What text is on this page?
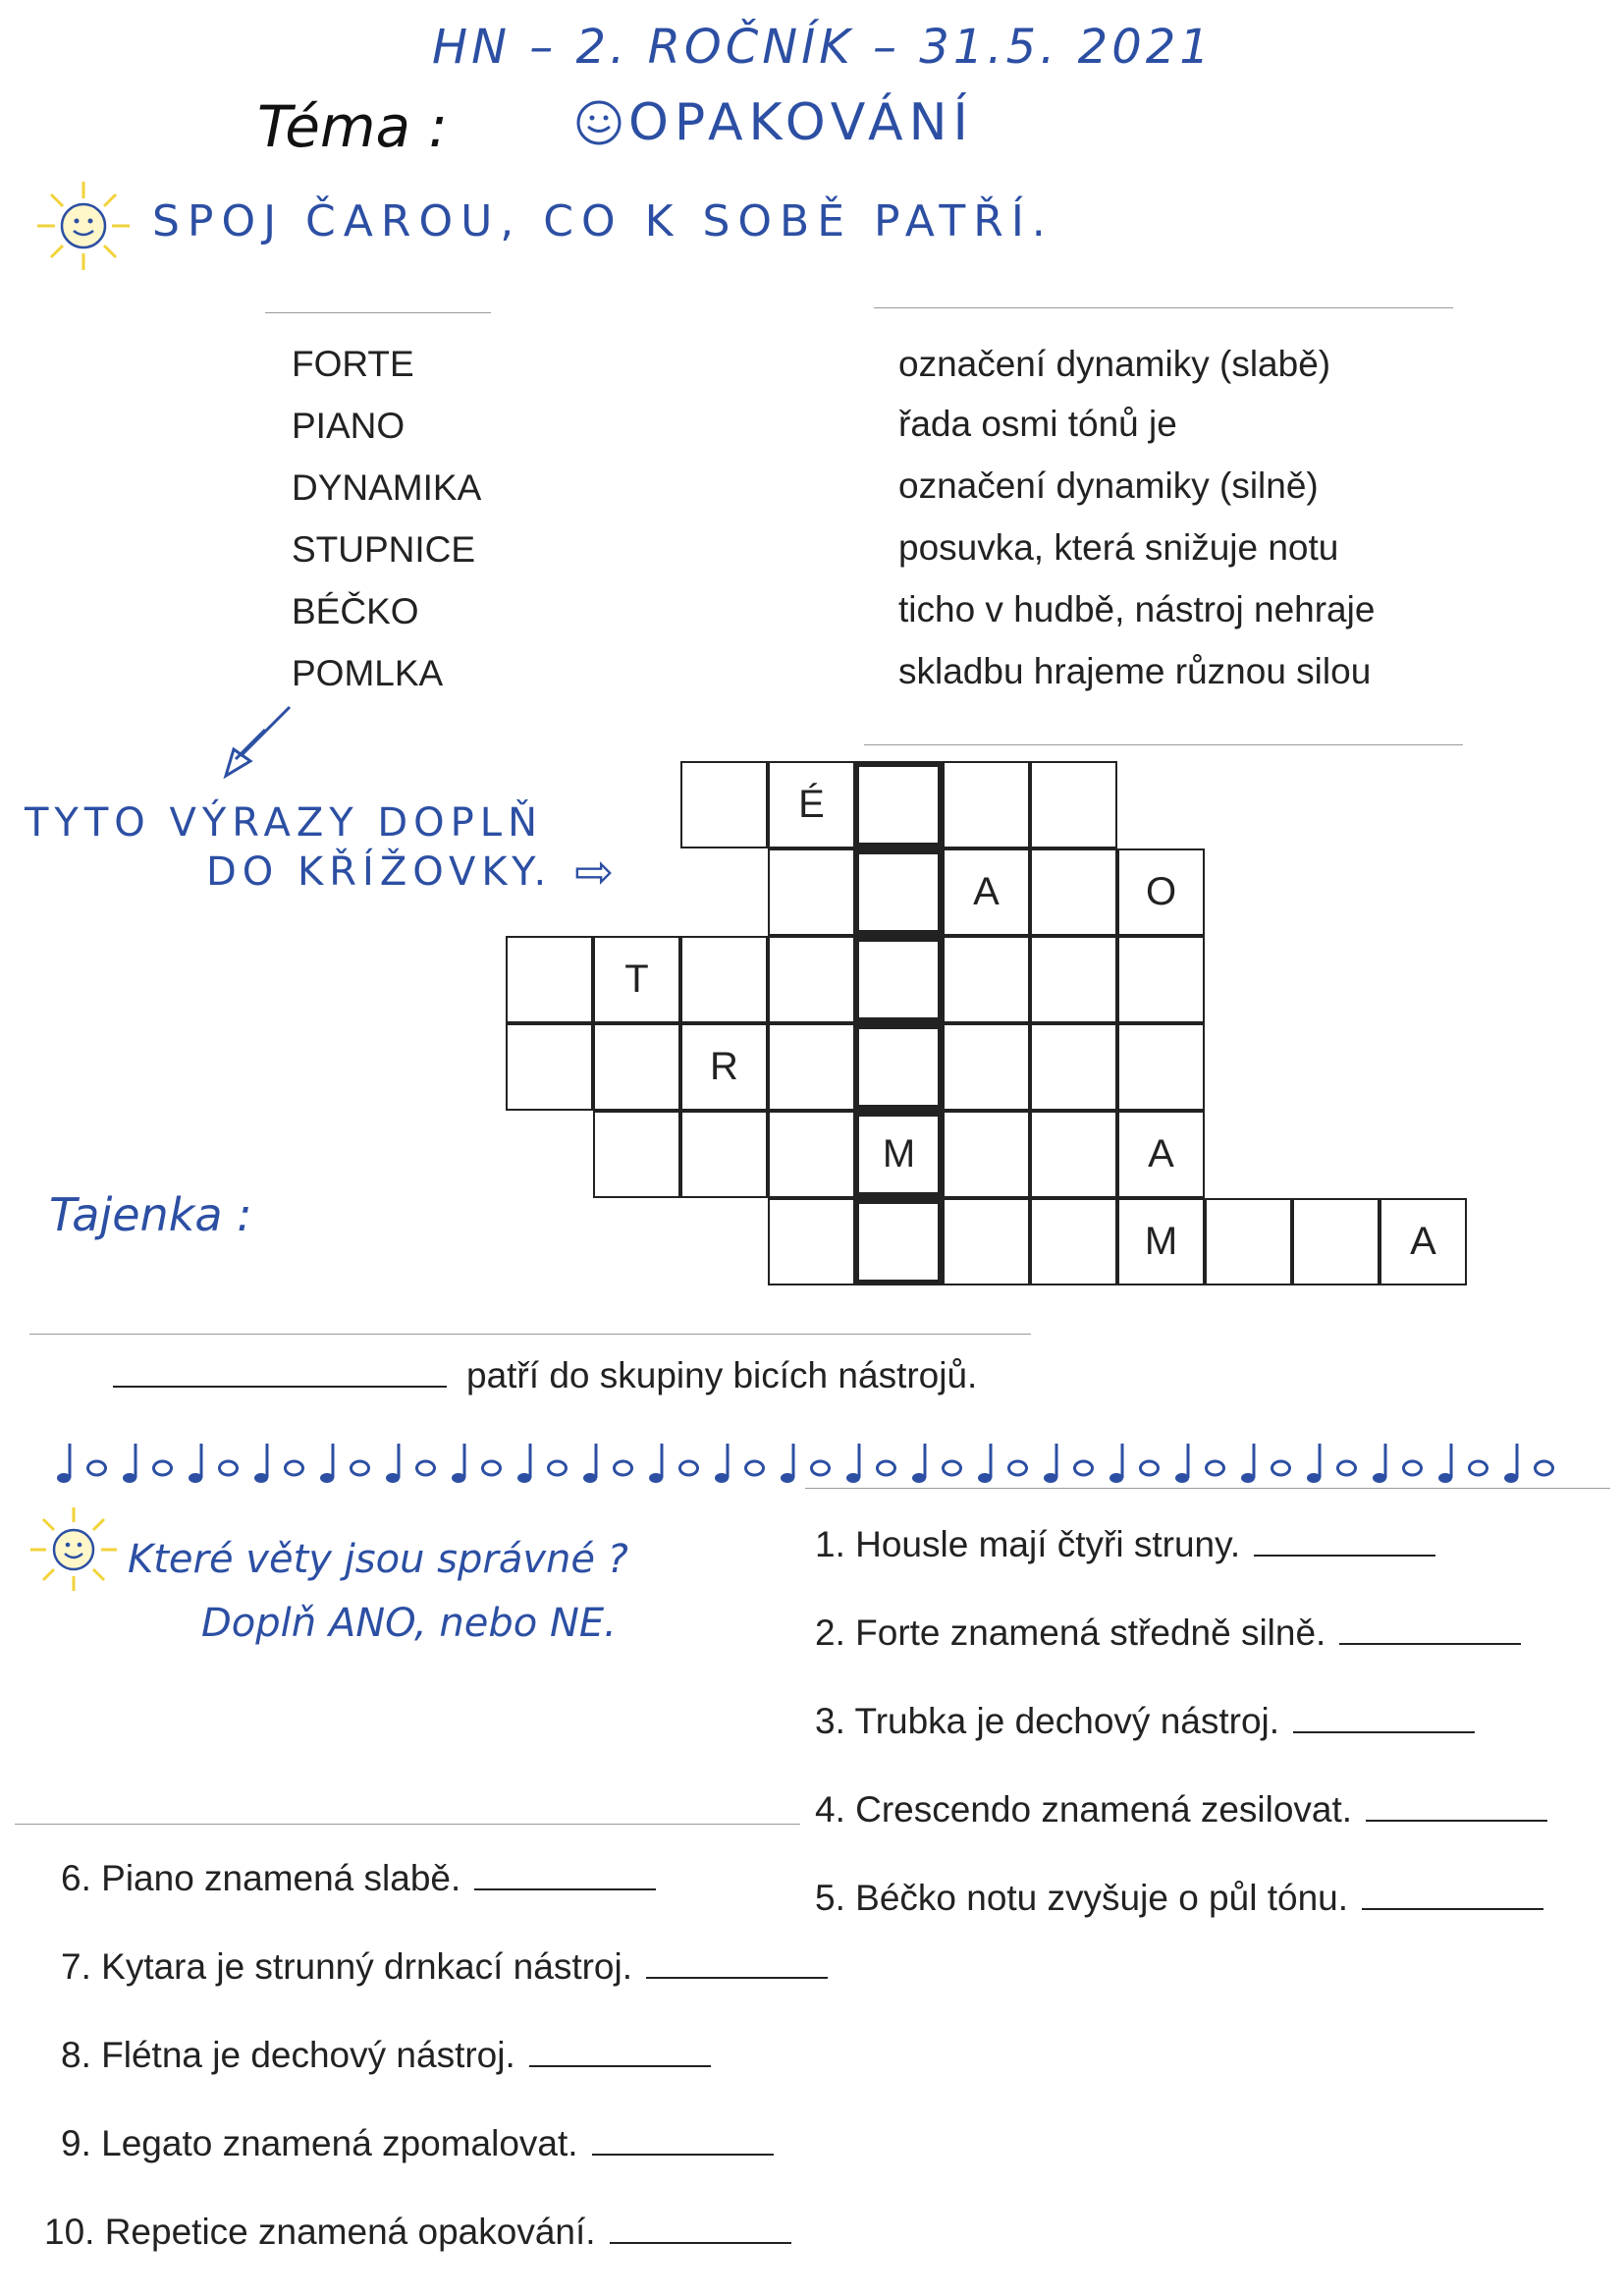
HN – 2. ROČNÍK – 31.5. 2021
Téma :	OPAKOVÁNÍ
SPOJ ČAROU, CO K SOBĚ PATŘÍ.
FORTE
PIANO
DYNAMIKA
STUPNICE
BÉČKO
POMLKA
označení dynamiky (slabě)
řada osmi tónů je
označení dynamiky (silně)
posuvka, která snižuje notu
ticho v hudbě, nástroj nehraje
skladbu hrajeme různou silou
TYTO VÝRAZY DOPLŇ
DO KŘÍŽOVKY. ⇨
É
A	O
T
R
M	A
M	A
Tajenka :
patří do skupiny bicích nástrojů.
Které věty jsou správné ?
Doplň ANO, nebo NE.
1. Housle mají čtyři struny.
2. Forte znamená středně silně.
3. Trubka je dechový nástroj.
4. Crescendo znamená zesilovat.
5. Béčko notu zvyšuje o půl tónu.
6. Piano znamená slabě.
7. Kytara je strunný drnkací nástroj.
8. Flétna je dechový nástroj.
9. Legato znamená zpomalovat.
10. Repetice znamená opakování.
